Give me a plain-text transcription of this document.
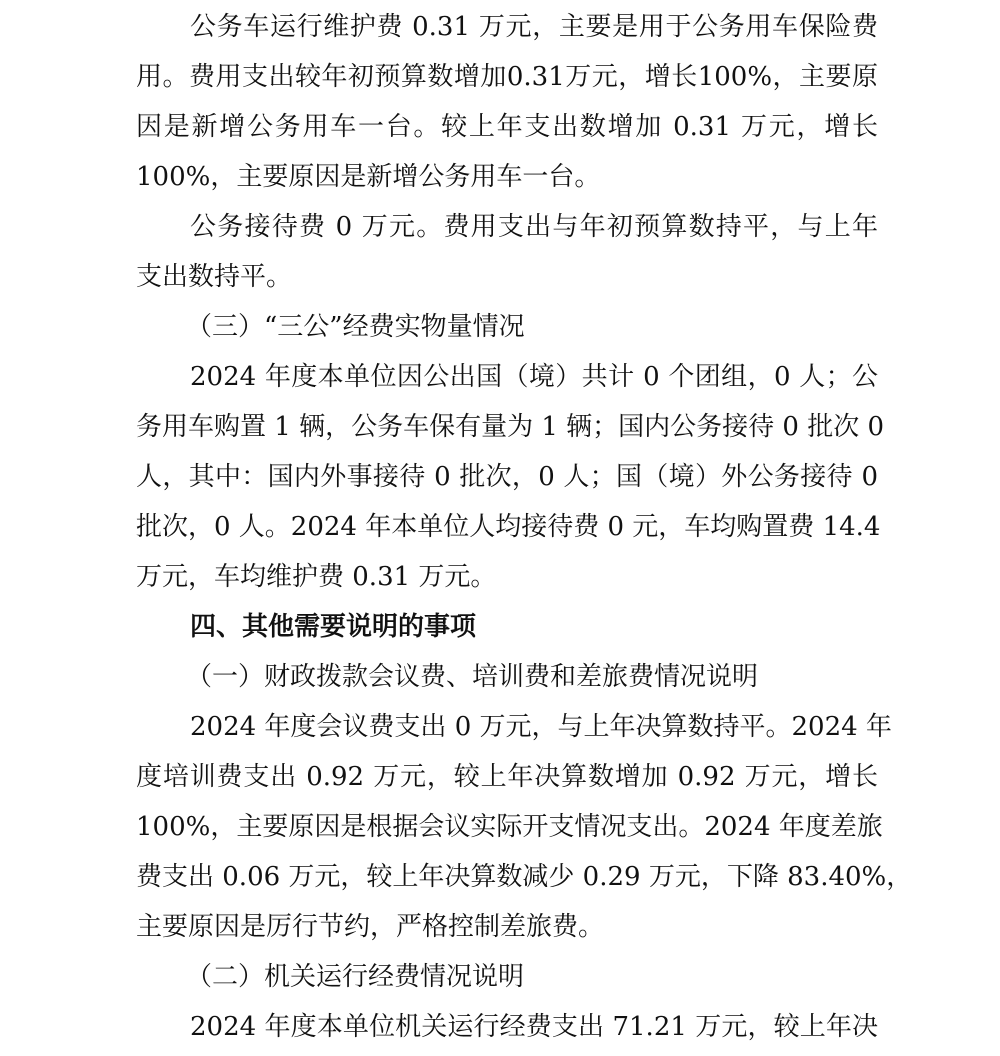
公务车运行维护费 0.31 万元，主要是用于公务用车保险费
用。费用支出较年初预算数增加0.31万元，增长100%，主要原
因是新增公务用车一台。较上年支出数增加 0.31 万元，增长
100%，主要原因是新增公务用车一台。
公务接待费 0 万元。费用支出与年初预算数持平，与上年
支出数持平。
（三）“三公”经费实物量情况
2024 年度本单位因公出国（境）共计 0 个团组，0 人；公
务用车购置 1 辆，公务车保有量为 1 辆；国内公务接待 0 批次 0
人，其中：国内外事接待 0 批次，0 人；国（境）外公务接待 0
批次，0 人。2024 年本单位人均接待费 0 元，车均购置费 14.4
万元，车均维护费 0.31 万元。
四、其他需要说明的事项
（一）财政拨款会议费、培训费和差旅费情况说明
2024 年度会议费支出 0 万元，与上年决算数持平。2024 年
度培训费支出 0.92 万元，较上年决算数增加 0.92 万元，增长
100%，主要原因是根据会议实际开支情况支出。2024 年度差旅
费支出 0.06 万元，较上年决算数减少 0.29 万元，下降 83.40%，
主要原因是厉行节约，严格控制差旅费。
（二）机关运行经费情况说明
2024 年度本单位机关运行经费支出 71.21 万元，较上年决
